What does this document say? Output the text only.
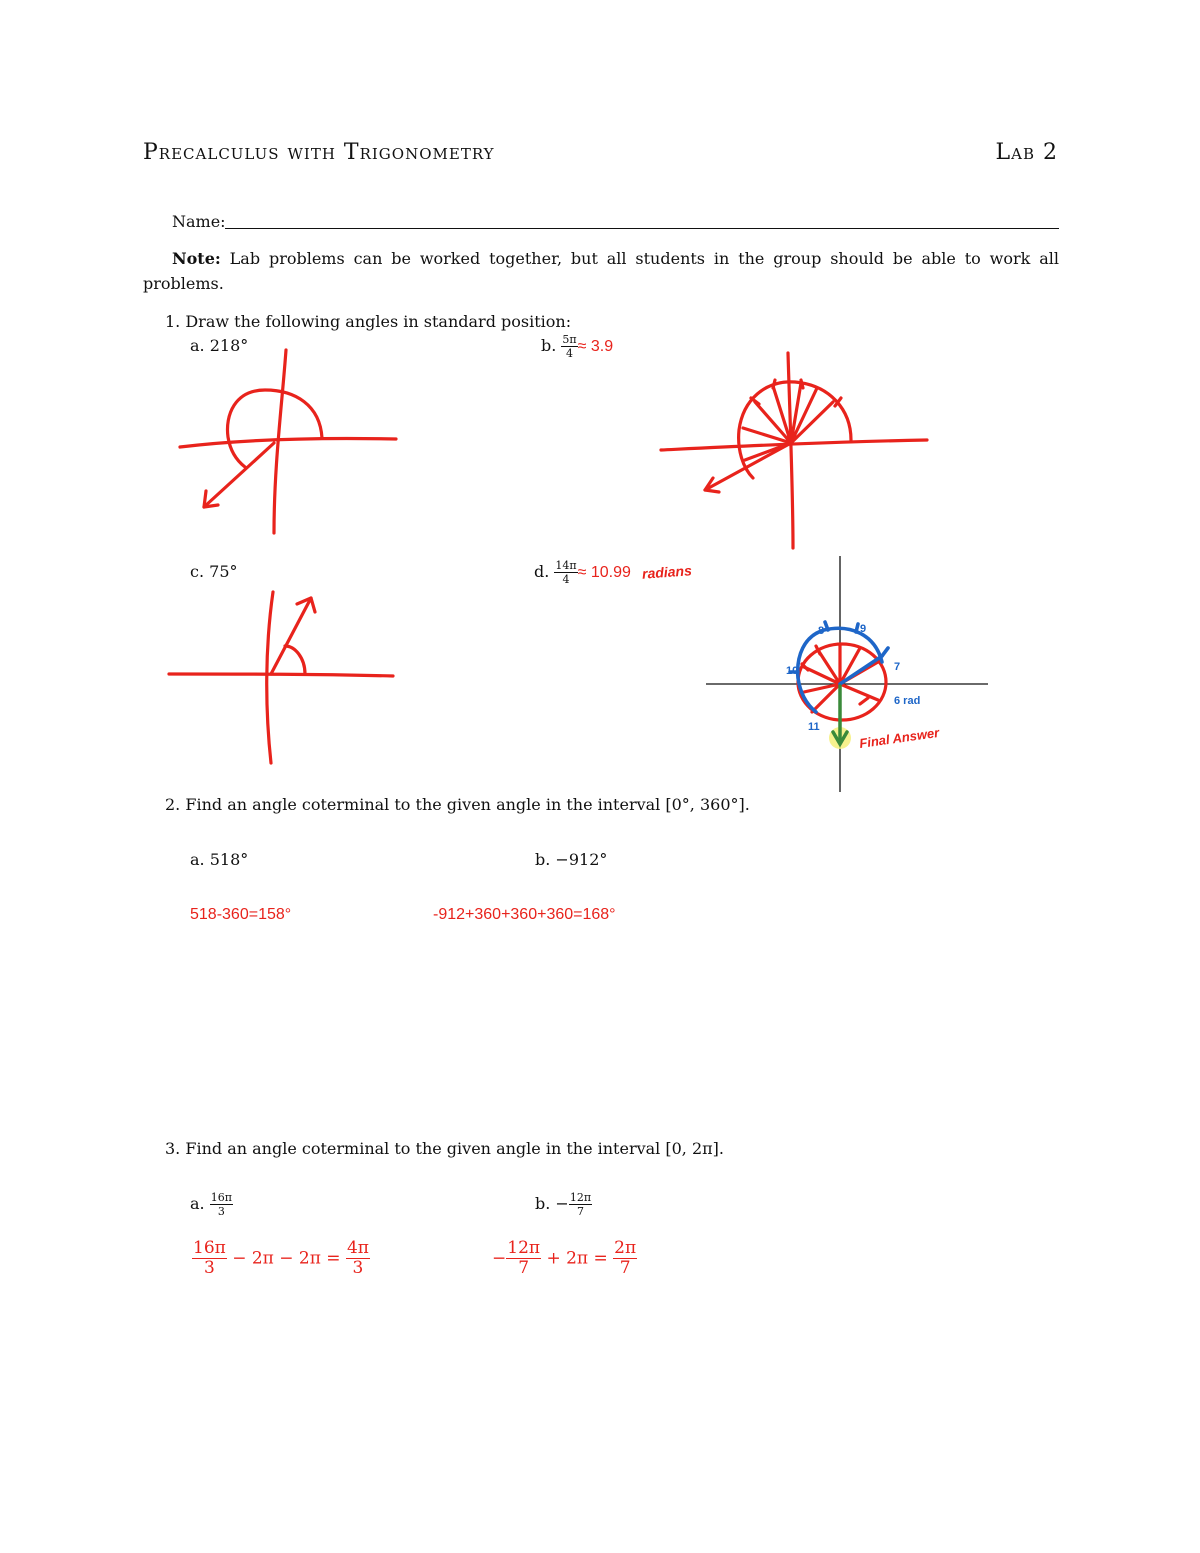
Precalculus with Trigonometry	Lab 2
Name:
Note: Lab problems can be worked together, but all students in the group should be able to work all problems.
1. Draw the following angles in standard position:
a. 218°	b. $\frac{5\pi}{4} \approx 3.9$
c. 75°	d. $\frac{14\pi}{4} \approx 10.99$ radians
8	9
7
10
6 rad
11	Final Answer
2. Find an angle coterminal to the given angle in the interval [0°, 360°].
a. 518°	b. −912°
518-360=158°	-912+360+360+360=168°
3. Find an angle coterminal to the given angle in the interval [0, 2π].
a. $\frac{16\pi}{3}$	b. − $\frac{12\pi}{7}$
$\frac{16\pi}{3} - 2\pi - 2\pi = \frac{4\pi}{3}$	− $\frac{12\pi}{7} + 2\pi = \frac{2\pi}{7}$
